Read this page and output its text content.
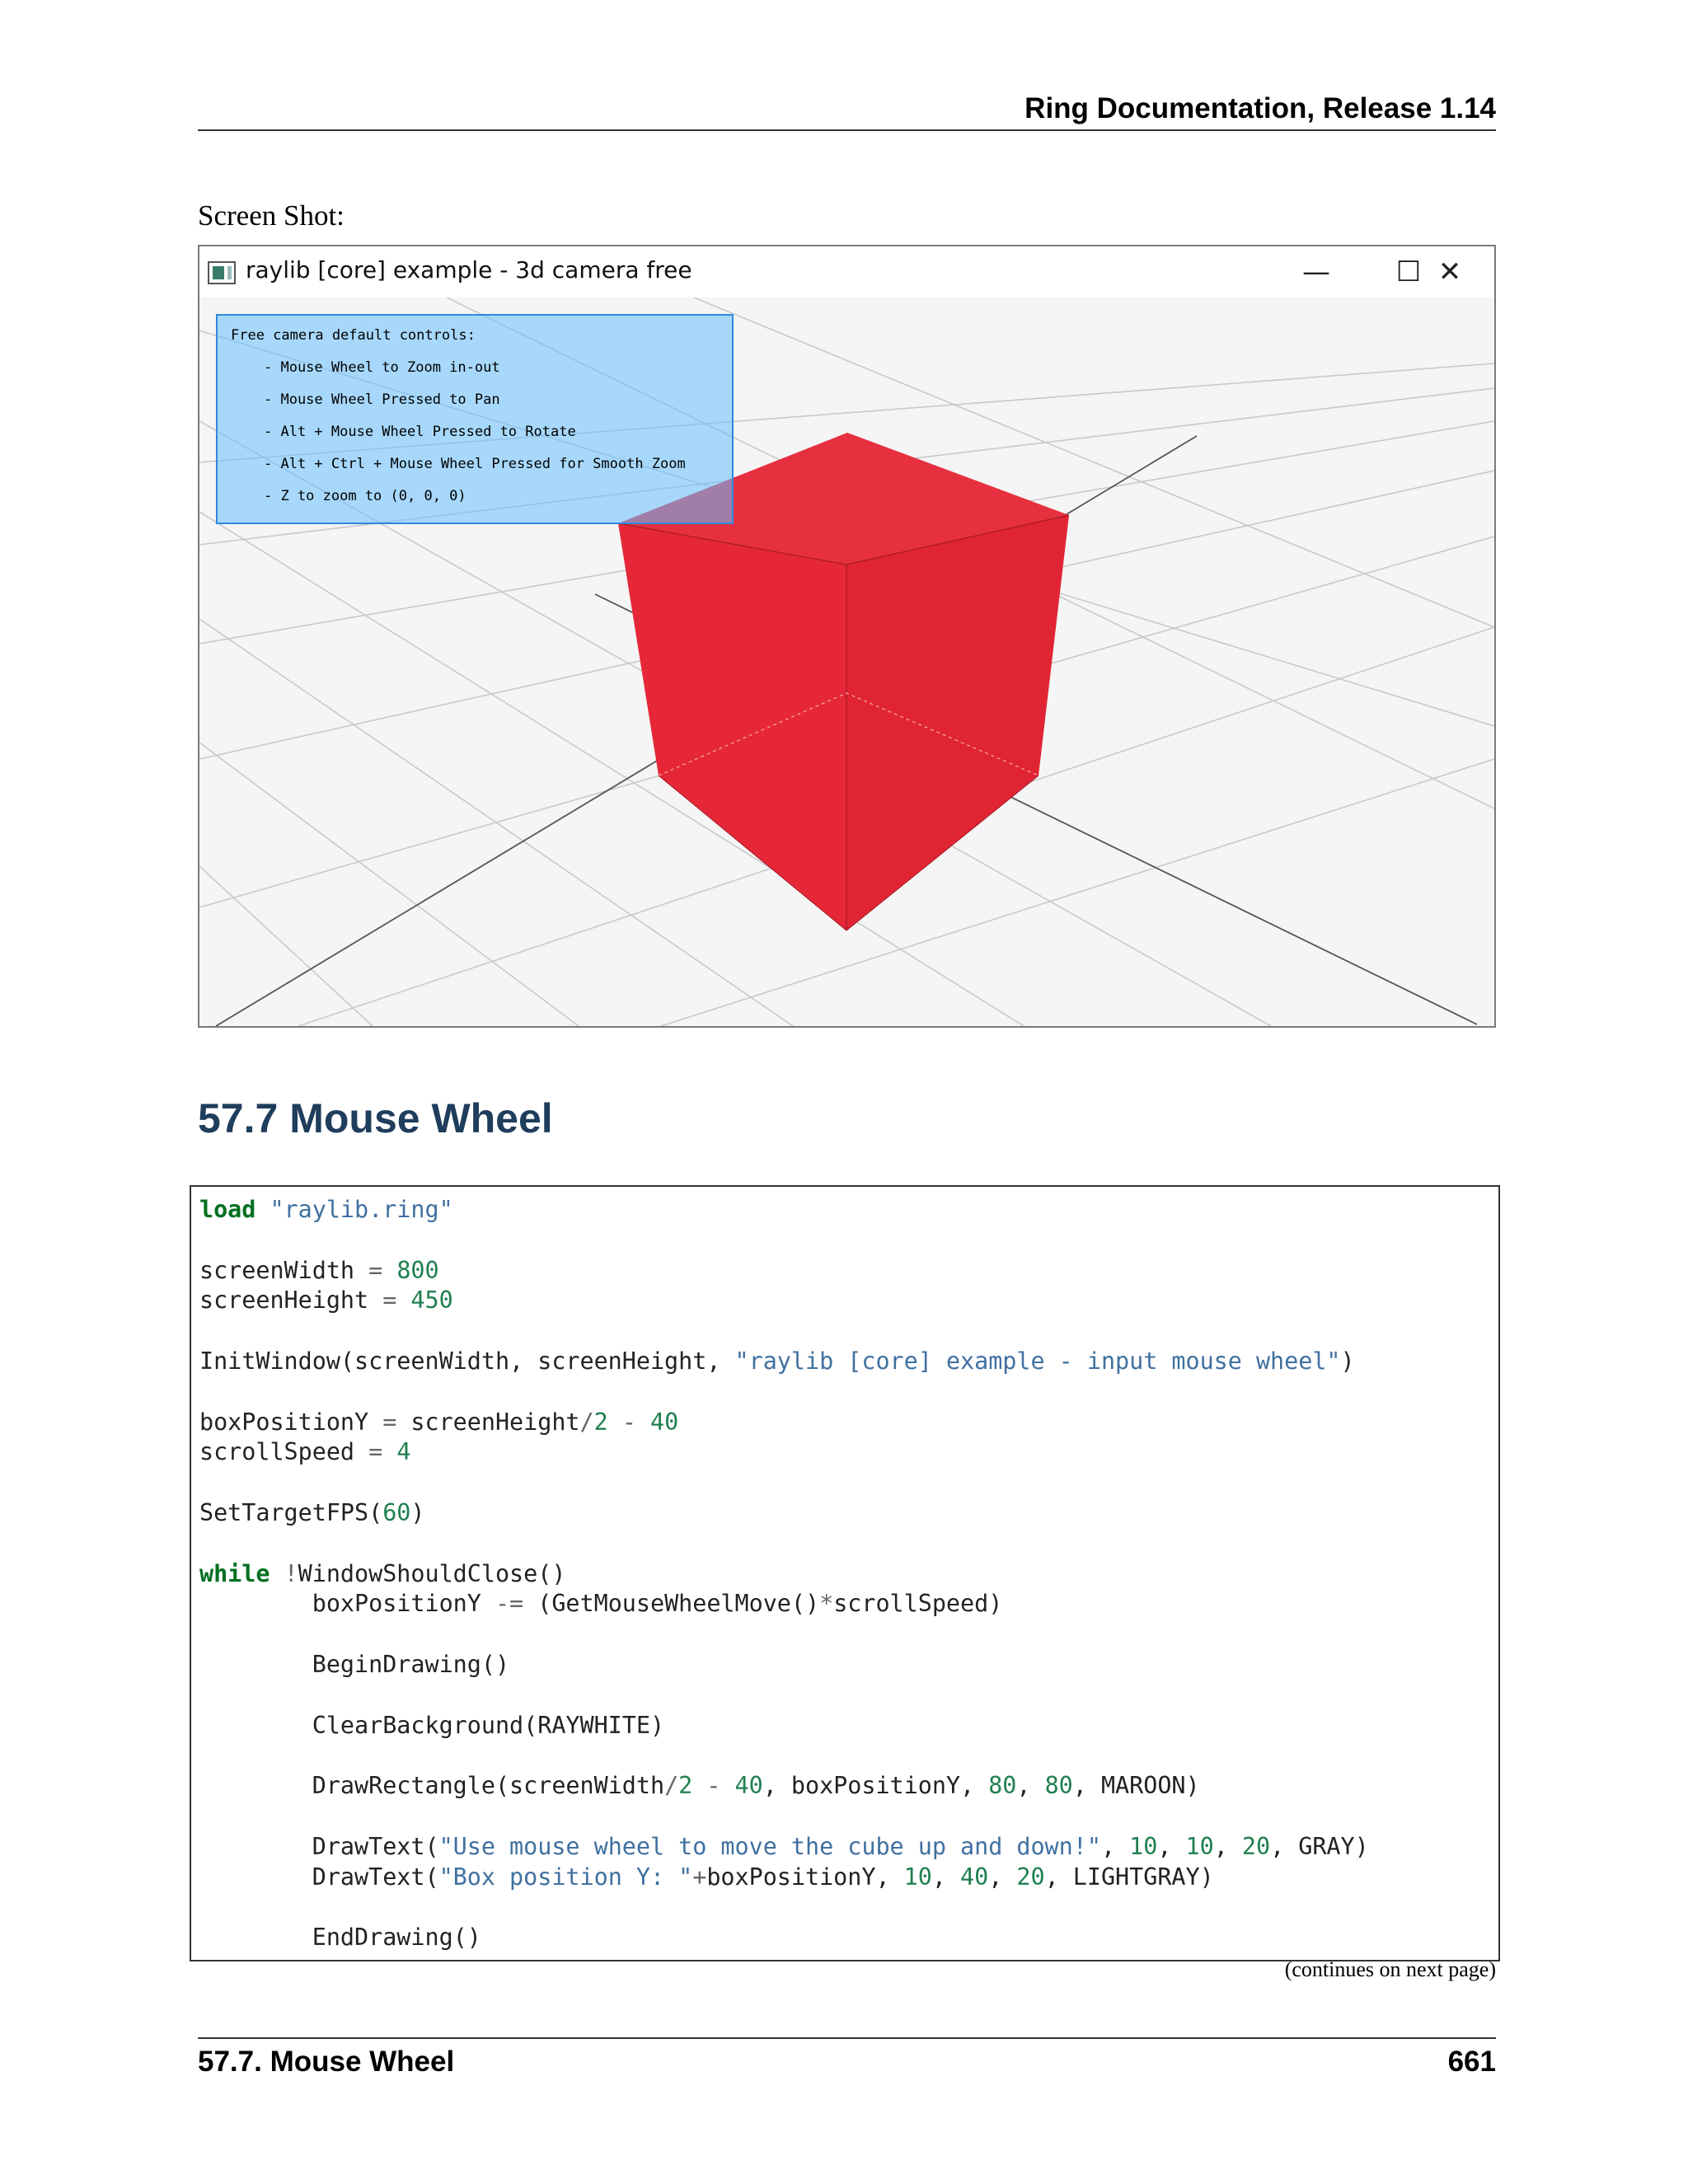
Ring Documentation, Release 1.14
Screen Shot:
raylib [core] example - 3d camera free	—	☐ ✕
Free camera default controls:
- Mouse Wheel to Zoom in-out
- Mouse Wheel Pressed to Pan
- Alt + Mouse Wheel Pressed to Rotate
- Alt + Ctrl + Mouse Wheel Pressed for Smooth Zoom
- Z to zoom to (0, 0, 0)
57.7 Mouse Wheel
load "raylib.ring"

screenWidth = 800
screenHeight = 450

InitWindow(screenWidth, screenHeight, "raylib [core] example - input mouse wheel")

boxPositionY = screenHeight/2 - 40
scrollSpeed = 4

SetTargetFPS(60)

while !WindowShouldClose()
boxPositionY -= (GetMouseWheelMove()*scrollSpeed)

BeginDrawing()

ClearBackground(RAYWHITE)

DrawRectangle(screenWidth/2 - 40, boxPositionY, 80, 80, MAROON)

DrawText("Use mouse wheel to move the cube up and down!", 10, 10, 20, GRAY)
DrawText("Box position Y: "+boxPositionY, 10, 40, 20, LIGHTGRAY)

EndDrawing()
(continues on next page)
57.7. Mouse Wheel	661
